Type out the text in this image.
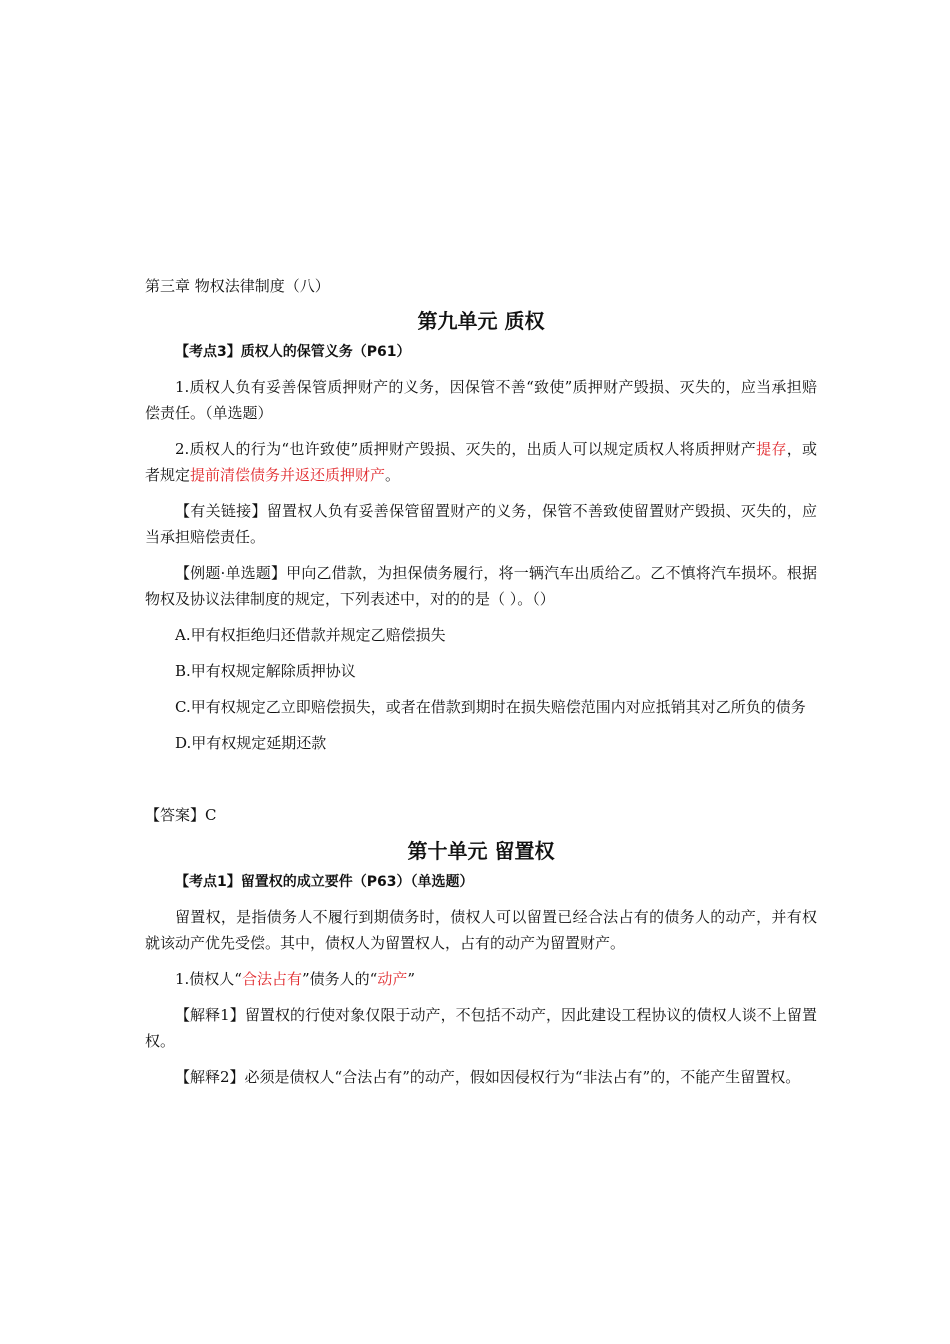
第三章 物权法律制度（八）

第九单元 质权
【考点3】质权人的保管义务（P61）

1.质权人负有妥善保管质押财产的义务，因保管不善“致使”质押财产毁损、灭失的，应当承担赔偿责任。（单选题）

2.质权人的行为“也许致使”质押财产毁损、灭失的，出质人可以规定质权人将质押财产提存，或者规定提前清偿债务并返还质押财产。

【有关链接】留置权人负有妥善保管留置财产的义务，保管不善致使留置财产毁损、灭失的，应当承担赔偿责任。

【例题·单选题】甲向乙借款，为担保债务履行，将一辆汽车出质给乙。乙不慎将汽车损坏。根据物权及协议法律制度的规定，下列表述中，对的的是（ ）。（）

A.甲有权拒绝归还借款并规定乙赔偿损失

B.甲有权规定解除质押协议

C.甲有权规定乙立即赔偿损失，或者在借款到期时在损失赔偿范围内对应抵销其对乙所负的债务

D.甲有权规定延期还款

【答案】C

第十单元 留置权
【考点1】留置权的成立要件（P63）（单选题）

留置权，是指债务人不履行到期债务时，债权人可以留置已经合法占有的债务人的动产，并有权就该动产优先受偿。其中，债权人为留置权人，占有的动产为留置财产。

1.债权人“合法占有”债务人的“动产”

【解释1】留置权的行使对象仅限于动产，不包括不动产，因此建设工程协议的债权人谈不上留置权。

【解释2】必须是债权人“合法占有”的动产，假如因侵权行为“非法占有”的，不能产生留置权。
